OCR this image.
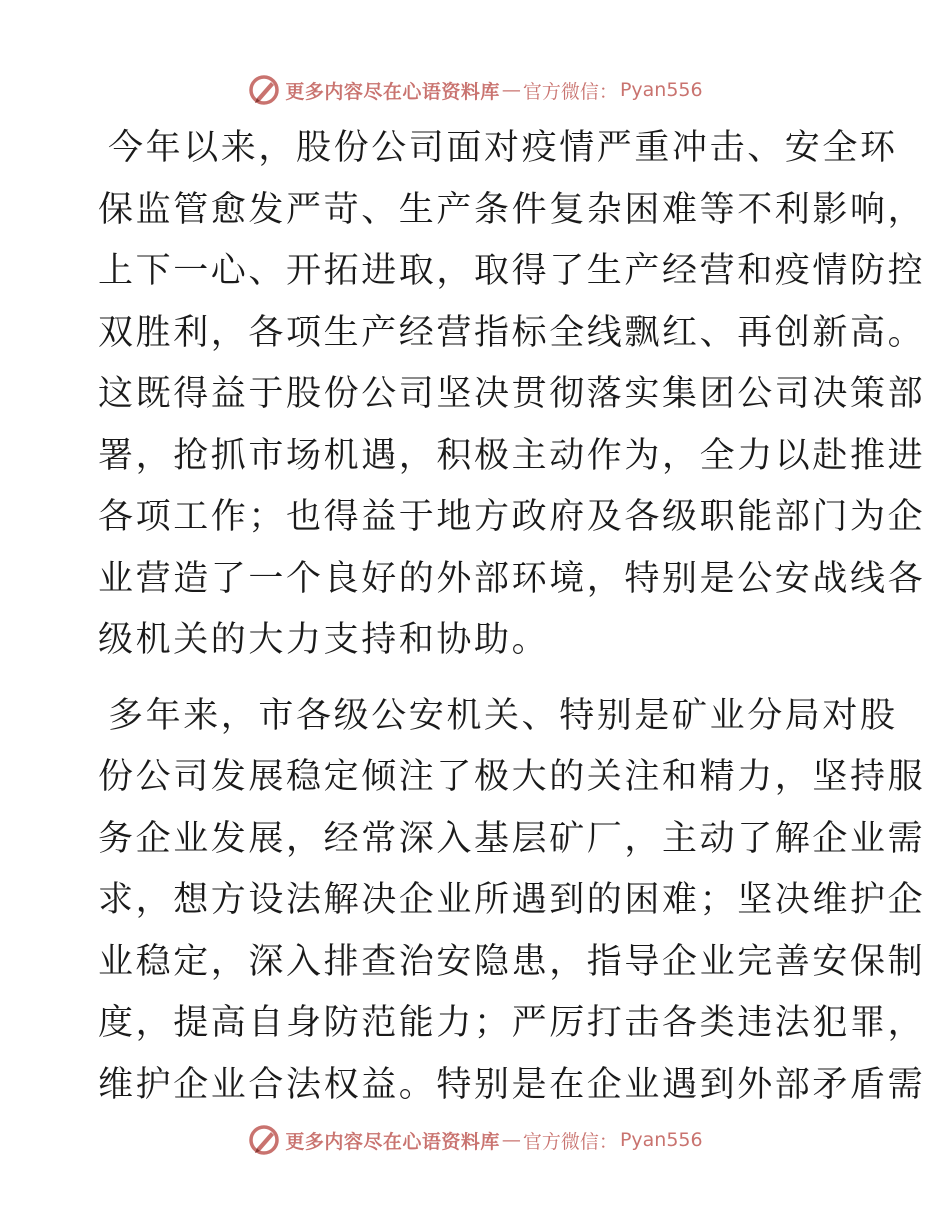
更多内容尽在心语资料库 — 官方微信： Pyan556

今年以来，股份公司面对疫情严重冲击、安全环
保监管愈发严苛、生产条件复杂困难等不利影响，
上下一心、开拓进取，取得了生产经营和疫情防控
双胜利，各项生产经营指标全线飘红、再创新高。
这既得益于股份公司坚决贯彻落实集团公司决策部
署，抢抓市场机遇，积极主动作为，全力以赴推进
各项工作；也得益于地方政府及各级职能部门为企
业营造了一个良好的外部环境，特别是公安战线各
级机关的大力支持和协助。

多年来，市各级公安机关、特别是矿业分局对股
份公司发展稳定倾注了极大的关注和精力，坚持服
务企业发展，经常深入基层矿厂，主动了解企业需
求，想方设法解决企业所遇到的困难；坚决维护企
业稳定，深入排查治安隐患，指导企业完善安保制
度，提高自身防范能力；严厉打击各类违法犯罪，
维护企业合法权益。特别是在企业遇到外部矛盾需

更多内容尽在心语资料库 — 官方微信： Pyan556
